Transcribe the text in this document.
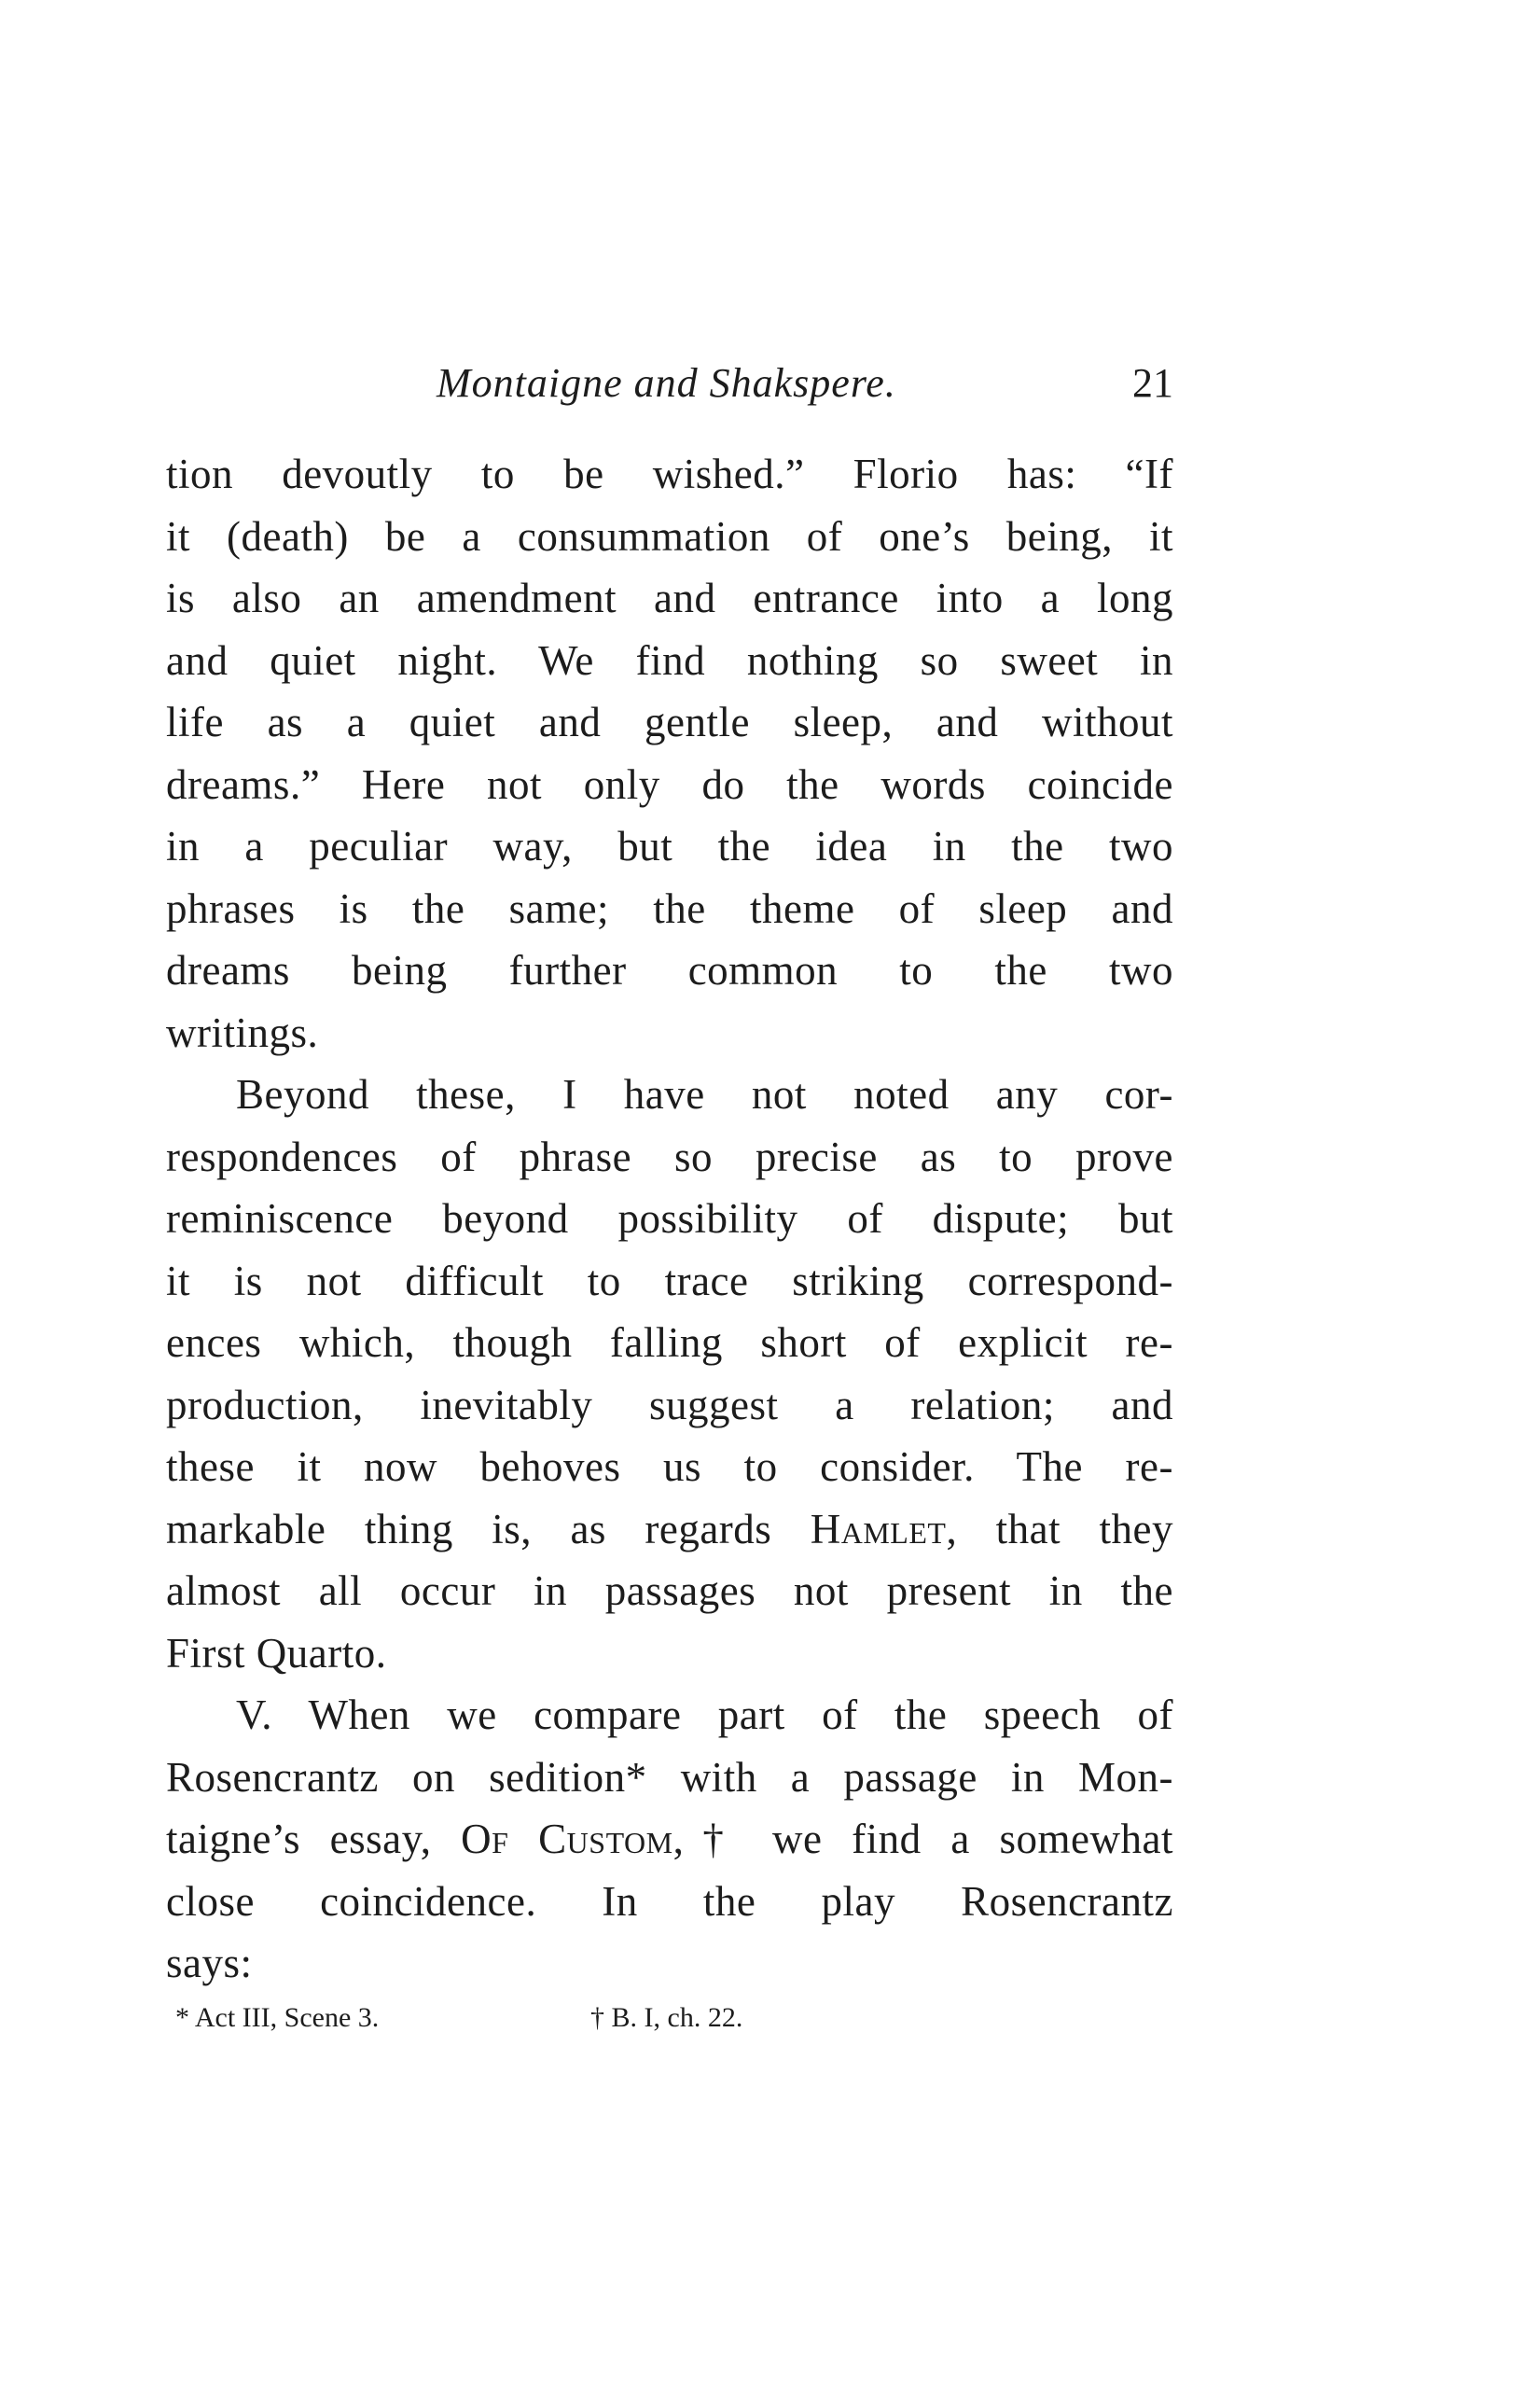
Montaigne and Shakspere.	21
tion devoutly to be wished.” Florio has: “If
it (death) be a consummation of one’s being, it
is also an amendment and entrance into a long
and quiet night. We find nothing so sweet in
life as a quiet and gentle sleep, and without
dreams.” Here not only do the words coincide
in a peculiar way, but the idea in the two
phrases is the same; the theme of sleep and
dreams being further common to the two
writings.
Beyond these, I have not noted any cor-
respondences of phrase so precise as to prove
reminiscence beyond possibility of dispute; but
it is not difficult to trace striking correspond-
ences which, though falling short of explicit re-
production, inevitably suggest a relation; and
these it now behoves us to consider. The re-
markable thing is, as regards Hamlet, that they
almost all occur in passages not present in the
First Quarto.
V. When we compare part of the speech of
Rosencrantz on sedition* with a passage in Mon-
taigne’s essay, Of Custom,† we find a somewhat
close coincidence. In the play Rosencrantz
says:
* Act III, Scene 3.	† B. I, ch. 22.
